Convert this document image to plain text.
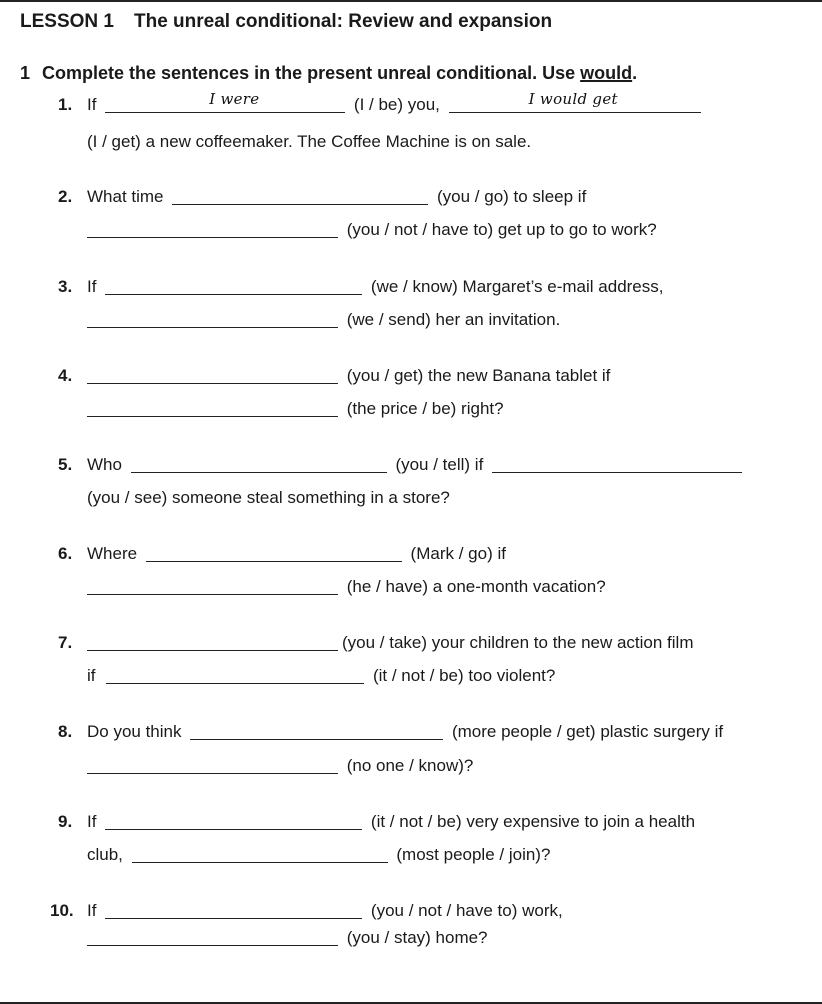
LESSON 1 The unreal conditional: Review and expansion
1 Complete the sentences in the present unreal conditional. Use would.
1. If	I were	(I / be) you,	I would get
(I / get) a new coffeemaker. The Coffee Machine is on sale.
2. What time	(you / go) to sleep if
(you / not / have to) get up to go to work?
3. If	(we / know) Margaret’s e-mail address,
(we / send) her an invitation.
4.	(you / get) the new Banana tablet if
(the price / be) right?
5. Who	(you / tell) if
(you / see) someone steal something in a store?
6. Where	(Mark / go) if
(he / have) a one-month vacation?
7.	(you / take) your children to the new action film
if	(it / not / be) too violent?
8. Do you think	(more people / get) plastic surgery if
(no one / know)?
9. If	(it / not / be) very expensive to join a health
club,	(most people / join)?
10. If	(you / not / have to) work,
(you / stay) home?
